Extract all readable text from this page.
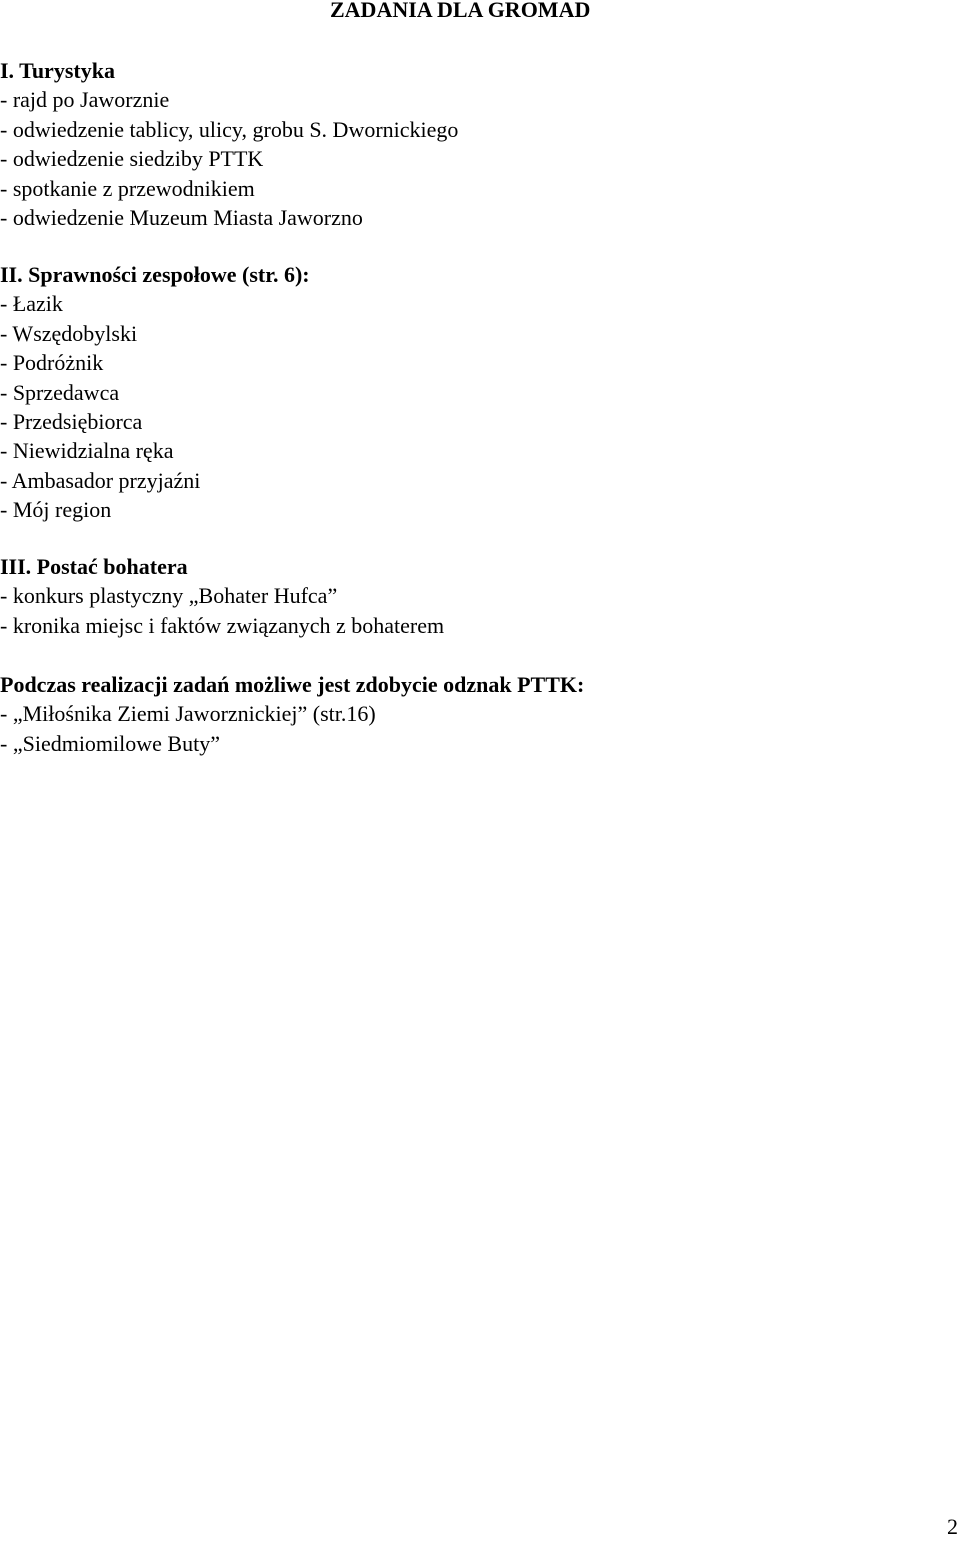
ZADANIA DLA GROMAD
I. Turystyka
- rajd po Jaworznie
- odwiedzenie tablicy, ulicy, grobu S. Dwornickiego
- odwiedzenie siedziby PTTK
- spotkanie z przewodnikiem
- odwiedzenie Muzeum Miasta Jaworzno
II. Sprawności zespołowe (str. 6):
- Łazik
- Wszędobylski
- Podróżnik
- Sprzedawca
- Przedsiębiorca
- Niewidzialna ręka
- Ambasador przyjaźni
- Mój region
III. Postać bohatera
- konkurs plastyczny „Bohater Hufca”
- kronika miejsc i faktów związanych z bohaterem
Podczas realizacji zadań możliwe jest zdobycie odznak PTTK:
- „Miłośnika Ziemi Jaworznickiej” (str.16)
- „Siedmiomilowe Buty”
2
